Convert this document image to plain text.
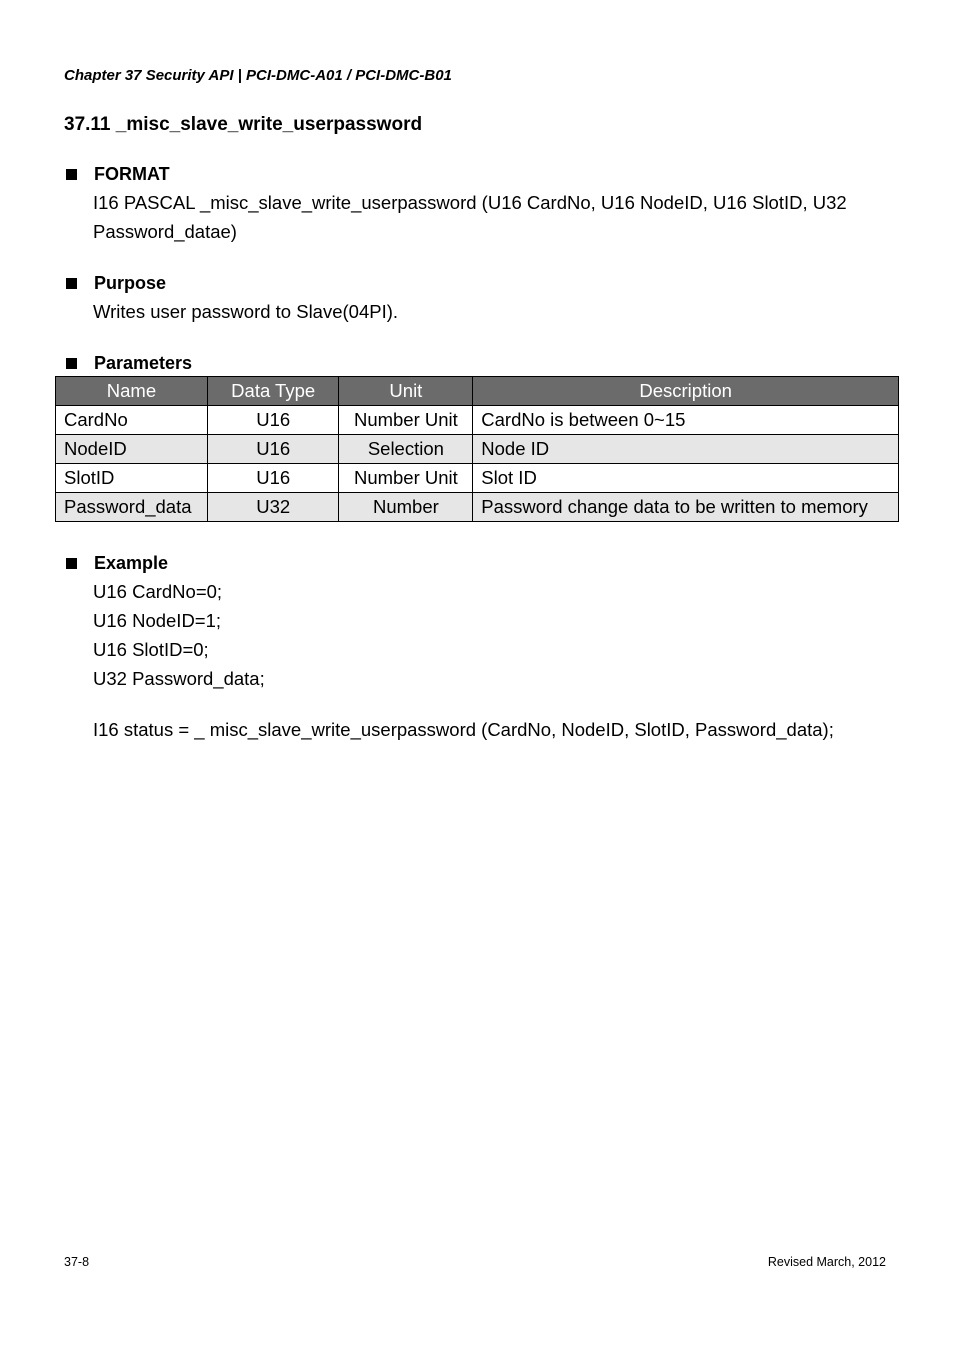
Chapter 37 Security API | PCI-DMC-A01 / PCI-DMC-B01
37.11 _misc_slave_write_userpassword
FORMAT
I16 PASCAL _misc_slave_write_userpassword (U16 CardNo, U16 NodeID, U16 SlotID, U32
Password_datae)
Purpose
Writes user password to Slave(04PI).
Parameters
Name	Data Type	Unit	Description
CardNo	U16	Number Unit	CardNo is between 0~15
NodeID	U16	Selection	Node ID
SlotID	U16	Number Unit	Slot ID
Password_data	U32	Number	Password change data to be written to memory
Example
U16 CardNo=0;
U16 NodeID=1;
U16 SlotID=0;
U32 Password_data;
I16 status = _ misc_slave_write_userpassword (CardNo, NodeID, SlotID, Password_data);
37-8	Revised March, 2012
